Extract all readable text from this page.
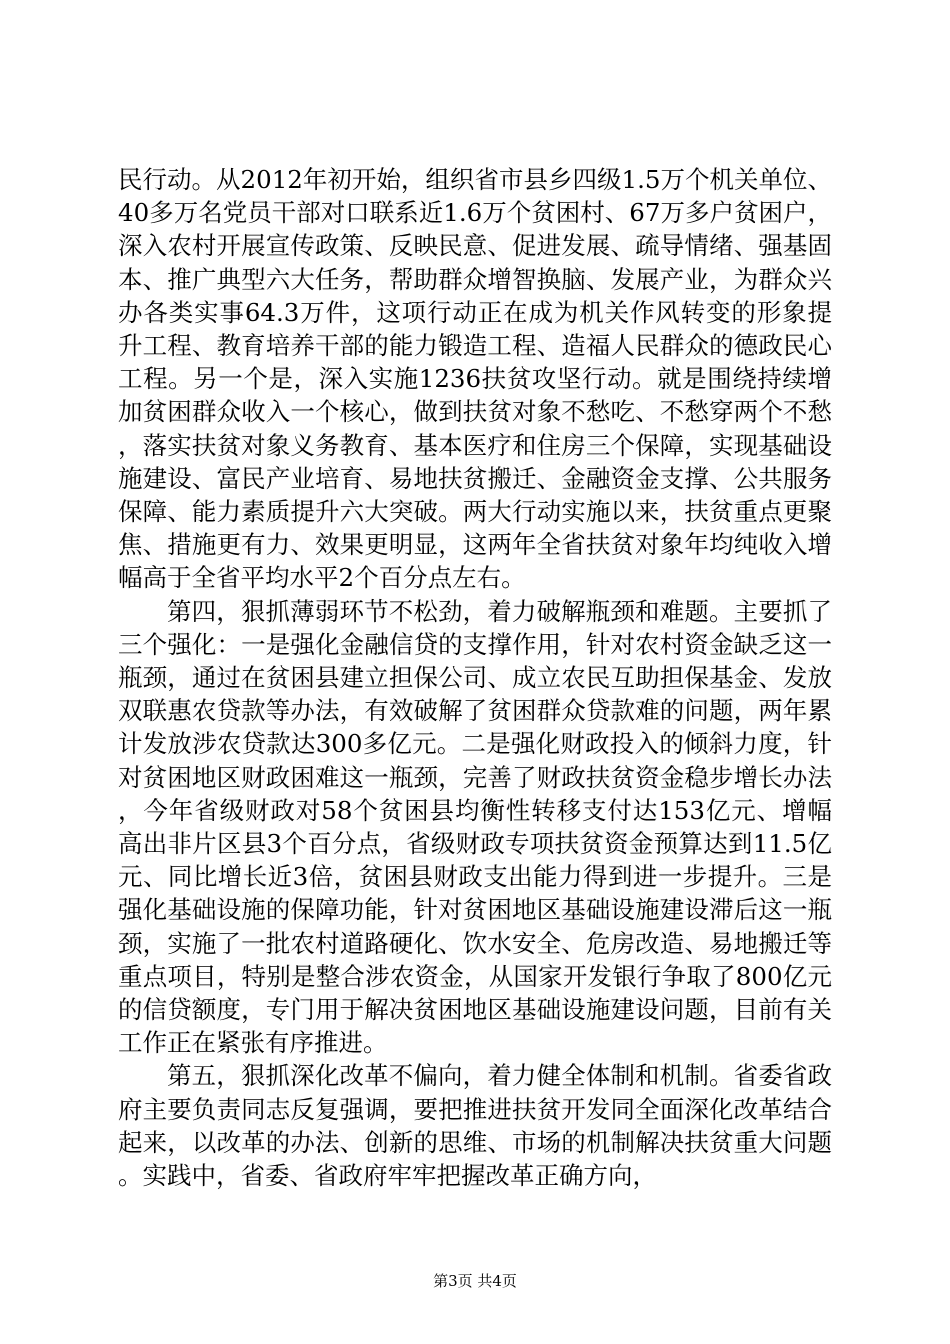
民行动。从2012年初开始，组织省市县乡四级1.5万个机关单位、40多万名党员干部对口联系近1.6万个贫困村、67万多户贫困户，深入农村开展宣传政策、反映民意、促进发展、疏导情绪、强基固本、推广典型六大任务，帮助群众增智换脑、发展产业，为群众兴办各类实事64.3万件，这项行动正在成为机关作风转变的形象提升工程、教育培养干部的能力锻造工程、造福人民群众的德政民心工程。另一个是，深入实施1236扶贫攻坚行动。就是围绕持续增加贫困群众收入一个核心，做到扶贫对象不愁吃、不愁穿两个不愁，落实扶贫对象义务教育、基本医疗和住房三个保障，实现基础设施建设、富民产业培育、易地扶贫搬迁、金融资金支撑、公共服务保障、能力素质提升六大突破。两大行动实施以来，扶贫重点更聚焦、措施更有力、效果更明显，这两年全省扶贫对象年均纯收入增幅高于全省平均水平2个百分点左右。

第四，狠抓薄弱环节不松劲，着力破解瓶颈和难题。主要抓了三个强化：一是强化金融信贷的支撑作用，针对农村资金缺乏这一瓶颈，通过在贫困县建立担保公司、成立农民互助担保基金、发放双联惠农贷款等办法，有效破解了贫困群众贷款难的问题，两年累计发放涉农贷款达300多亿元。二是强化财政投入的倾斜力度，针对贫困地区财政困难这一瓶颈，完善了财政扶贫资金稳步增长办法，今年省级财政对58个贫困县均衡性转移支付达153亿元、增幅高出非片区县3个百分点，省级财政专项扶贫资金预算达到11.5亿元、同比增长近3倍，贫困县财政支出能力得到进一步提升。三是强化基础设施的保障功能，针对贫困地区基础设施建设滞后这一瓶颈，实施了一批农村道路硬化、饮水安全、危房改造、易地搬迁等重点项目，特别是整合涉农资金，从国家开发银行争取了800亿元的信贷额度，专门用于解决贫困地区基础设施建设问题，目前有关工作正在紧张有序推进。

第五，狠抓深化改革不偏向，着力健全体制和机制。省委省政府主要负责同志反复强调，要把推进扶贫开发同全面深化改革结合起来，以改革的办法、创新的思维、市场的机制解决扶贫重大问题。实践中，省委、省政府牢牢把握改革正确方向，

第3页 共4页
